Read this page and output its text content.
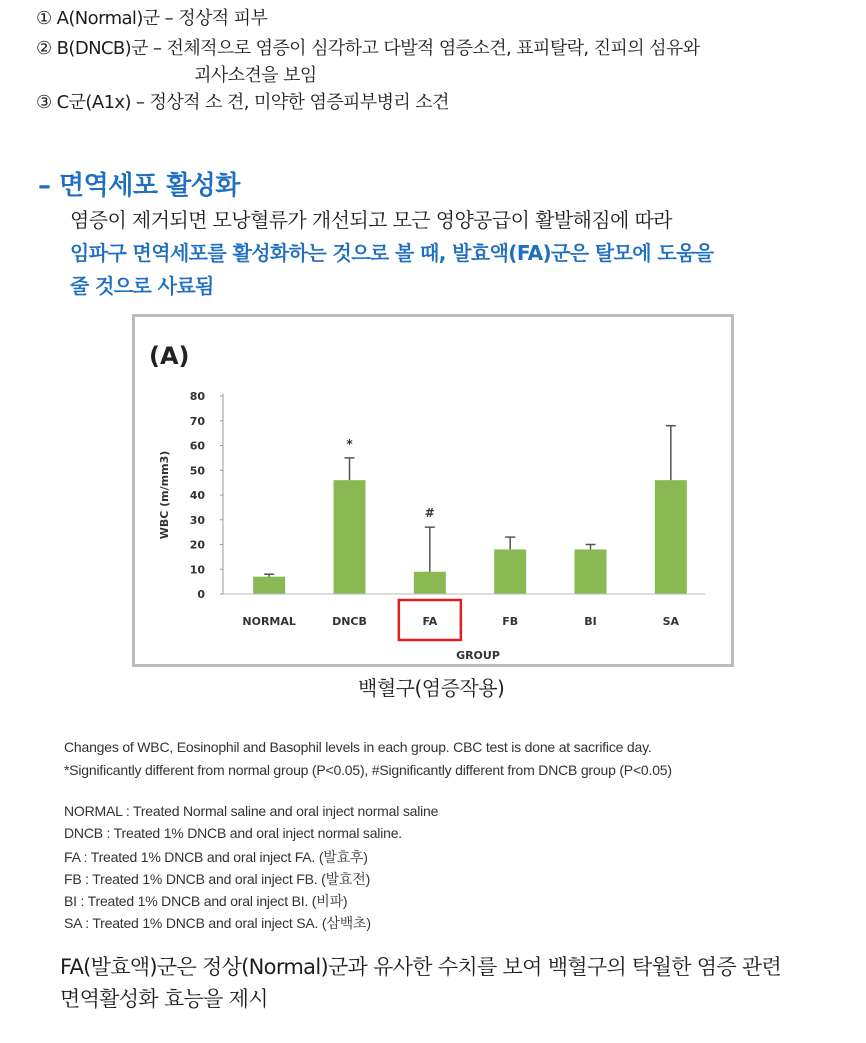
① A(Normal)군 – 정상적 피부
② B(DNCB)군 – 전체적으로 염증이 심각하고 다발적 염증소견, 표피탈락, 진피의 섬유와
괴사소견을 보임
③ C군(A1x) – 정상적 소 견, 미약한 염증피부병리 소견
– 면역세포 활성화
염증이 제거되면 모낭혈류가 개선되고 모근 영양공급이 활발해짐에 따라
임파구 면역세포를 활성화하는 것으로 볼 때, 발효액(FA)군은 탈모에 도움을
줄 것으로 사료됨
(A)
0
10
20
30
40
50
60
70
80
WBC (m/mm3)
NORMAL
*
DNCB
#
FA	FB	BI	SA
GROUP
백혈구(염증작용)
Changes of WBC, Eosinophil and Basophil levels in each group. CBC test is done at sacrifice day.
*Significantly different from normal group (P<0.05), #Significantly different from DNCB group (P<0.05)
NORMAL : Treated Normal saline and oral inject normal saline
DNCB : Treated 1% DNCB and oral inject normal saline.
FA : Treated 1% DNCB and oral inject FA. (발효후)
FB : Treated 1% DNCB and oral inject FB. (발효전)
BI : Treated 1% DNCB and oral inject BI. (비파)
SA : Treated 1% DNCB and oral inject SA. (삼백초)
FA(발효액)군은 정상(Normal)군과 유사한 수치를 보여 백혈구의 탁월한 염증 관련
면역활성화 효능을 제시
